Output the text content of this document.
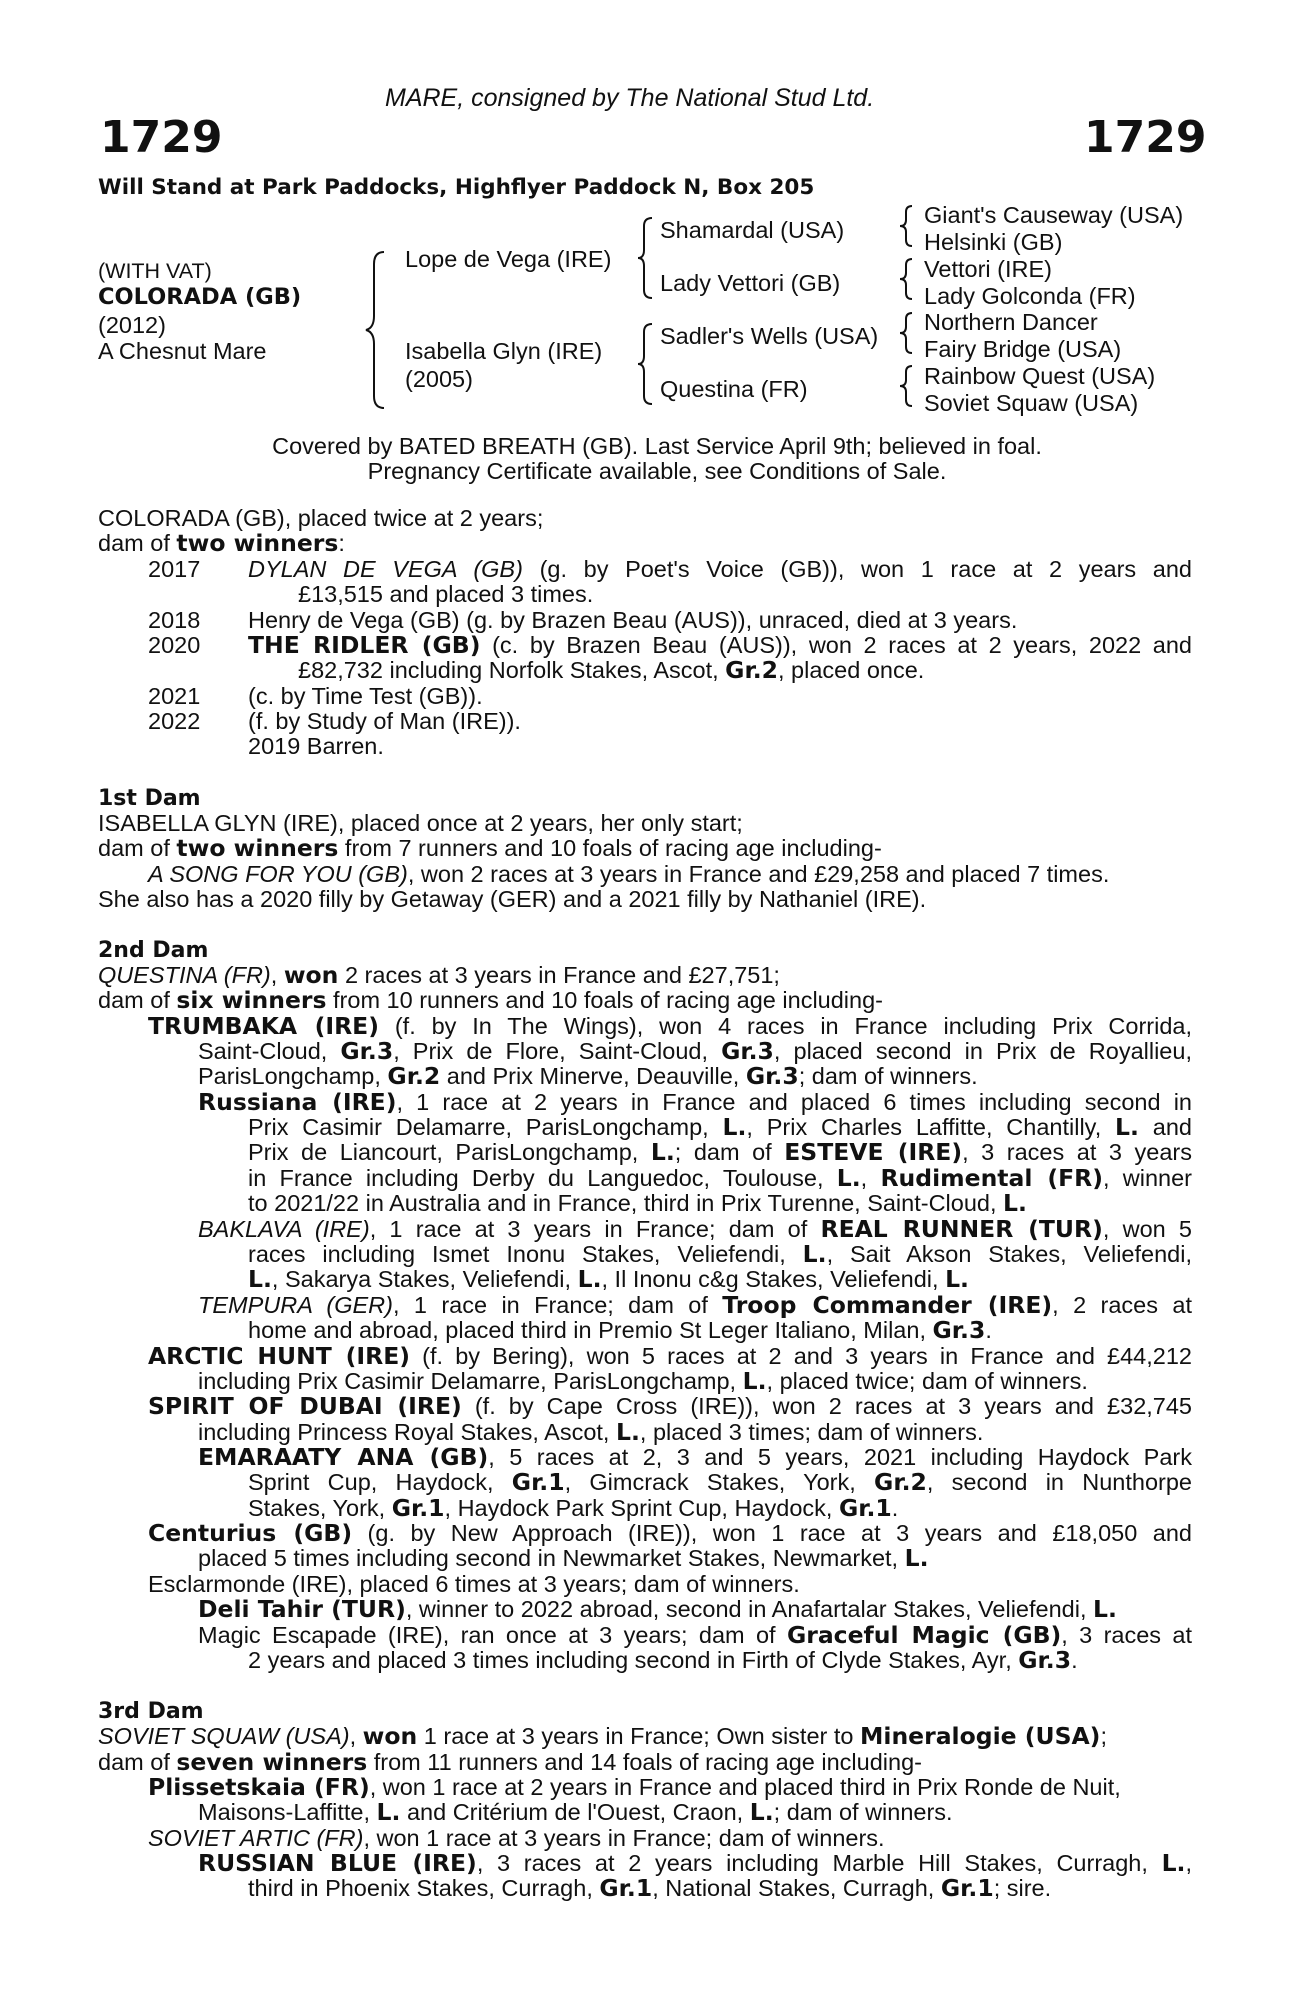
MARE, consigned by The National Stud Ltd.
1729	1729
Will Stand at Park Paddocks, Highflyer Paddock N, Box 205
(WITH VAT)
COLORADA (GB)
(2012)
A Chesnut Mare
Lope de Vega (IRE)
Isabella Glyn (IRE)
(2005)
Shamardal (USA)
Lady Vettori (GB)
Sadler's Wells (USA)
Questina (FR)
Giant's Causeway (USA)
Helsinki (GB)
Vettori (IRE)
Lady Golconda (FR)
Northern Dancer
Fairy Bridge (USA)
Rainbow Quest (USA)
Soviet Squaw (USA)
Covered by BATED BREATH (GB). Last Service April 9th; believed in foal.
Pregnancy Certificate available, see Conditions of Sale.
COLORADA (GB), placed twice at 2 years;
dam of two winners:
2017	DYLAN DE VEGA (GB) (g. by Poet's Voice (GB)), won 1 race at 2 years and
£13,515 and placed 3 times.
2018	Henry de Vega (GB) (g. by Brazen Beau (AUS)), unraced, died at 3 years.
2020	THE RIDLER (GB) (c. by Brazen Beau (AUS)), won 2 races at 2 years, 2022 and
£82,732 including Norfolk Stakes, Ascot, Gr.2, placed once.
2021	(c. by Time Test (GB)).
2022	(f. by Study of Man (IRE)).
2019 Barren.
1st Dam
ISABELLA GLYN (IRE), placed once at 2 years, her only start;
dam of two winners from 7 runners and 10 foals of racing age including-
A SONG FOR YOU (GB), won 2 races at 3 years in France and £29,258 and placed 7 times.
She also has a 2020 filly by Getaway (GER) and a 2021 filly by Nathaniel (IRE).
2nd Dam
QUESTINA (FR), won 2 races at 3 years in France and £27,751;
dam of six winners from 10 runners and 10 foals of racing age including-
TRUMBAKA (IRE) (f. by In The Wings), won 4 races in France including Prix Corrida,
Saint-Cloud, Gr.3, Prix de Flore, Saint-Cloud, Gr.3, placed second in Prix de Royallieu,
ParisLongchamp, Gr.2 and Prix Minerve, Deauville, Gr.3; dam of winners.
Russiana (IRE), 1 race at 2 years in France and placed 6 times including second in
Prix Casimir Delamarre, ParisLongchamp, L., Prix Charles Laffitte, Chantilly, L. and
Prix de Liancourt, ParisLongchamp, L.; dam of ESTEVE (IRE), 3 races at 3 years
in France including Derby du Languedoc, Toulouse, L., Rudimental (FR), winner
to 2021/22 in Australia and in France, third in Prix Turenne, Saint-Cloud, L.
BAKLAVA (IRE), 1 race at 3 years in France; dam of REAL RUNNER (TUR), won 5
races including Ismet Inonu Stakes, Veliefendi, L., Sait Akson Stakes, Veliefendi,
L., Sakarya Stakes, Veliefendi, L., Il Inonu c&g Stakes, Veliefendi, L.
TEMPURA (GER), 1 race in France; dam of Troop Commander (IRE), 2 races at
home and abroad, placed third in Premio St Leger Italiano, Milan, Gr.3.
ARCTIC HUNT (IRE) (f. by Bering), won 5 races at 2 and 3 years in France and £44,212
including Prix Casimir Delamarre, ParisLongchamp, L., placed twice; dam of winners.
SPIRIT OF DUBAI (IRE) (f. by Cape Cross (IRE)), won 2 races at 3 years and £32,745
including Princess Royal Stakes, Ascot, L., placed 3 times; dam of winners.
EMARAATY ANA (GB), 5 races at 2, 3 and 5 years, 2021 including Haydock Park
Sprint Cup, Haydock, Gr.1, Gimcrack Stakes, York, Gr.2, second in Nunthorpe
Stakes, York, Gr.1, Haydock Park Sprint Cup, Haydock, Gr.1.
Centurius (GB) (g. by New Approach (IRE)), won 1 race at 3 years and £18,050 and
placed 5 times including second in Newmarket Stakes, Newmarket, L.
Esclarmonde (IRE), placed 6 times at 3 years; dam of winners.
Deli Tahir (TUR), winner to 2022 abroad, second in Anafartalar Stakes, Veliefendi, L.
Magic Escapade (IRE), ran once at 3 years; dam of Graceful Magic (GB), 3 races at
2 years and placed 3 times including second in Firth of Clyde Stakes, Ayr, Gr.3.
3rd Dam
SOVIET SQUAW (USA), won 1 race at 3 years in France; Own sister to Mineralogie (USA);
dam of seven winners from 11 runners and 14 foals of racing age including-
Plissetskaia (FR), won 1 race at 2 years in France and placed third in Prix Ronde de Nuit,
Maisons-Laffitte, L. and Critérium de l'Ouest, Craon, L.; dam of winners.
SOVIET ARTIC (FR), won 1 race at 3 years in France; dam of winners.
RUSSIAN BLUE (IRE), 3 races at 2 years including Marble Hill Stakes, Curragh, L.,
third in Phoenix Stakes, Curragh, Gr.1, National Stakes, Curragh, Gr.1; sire.
